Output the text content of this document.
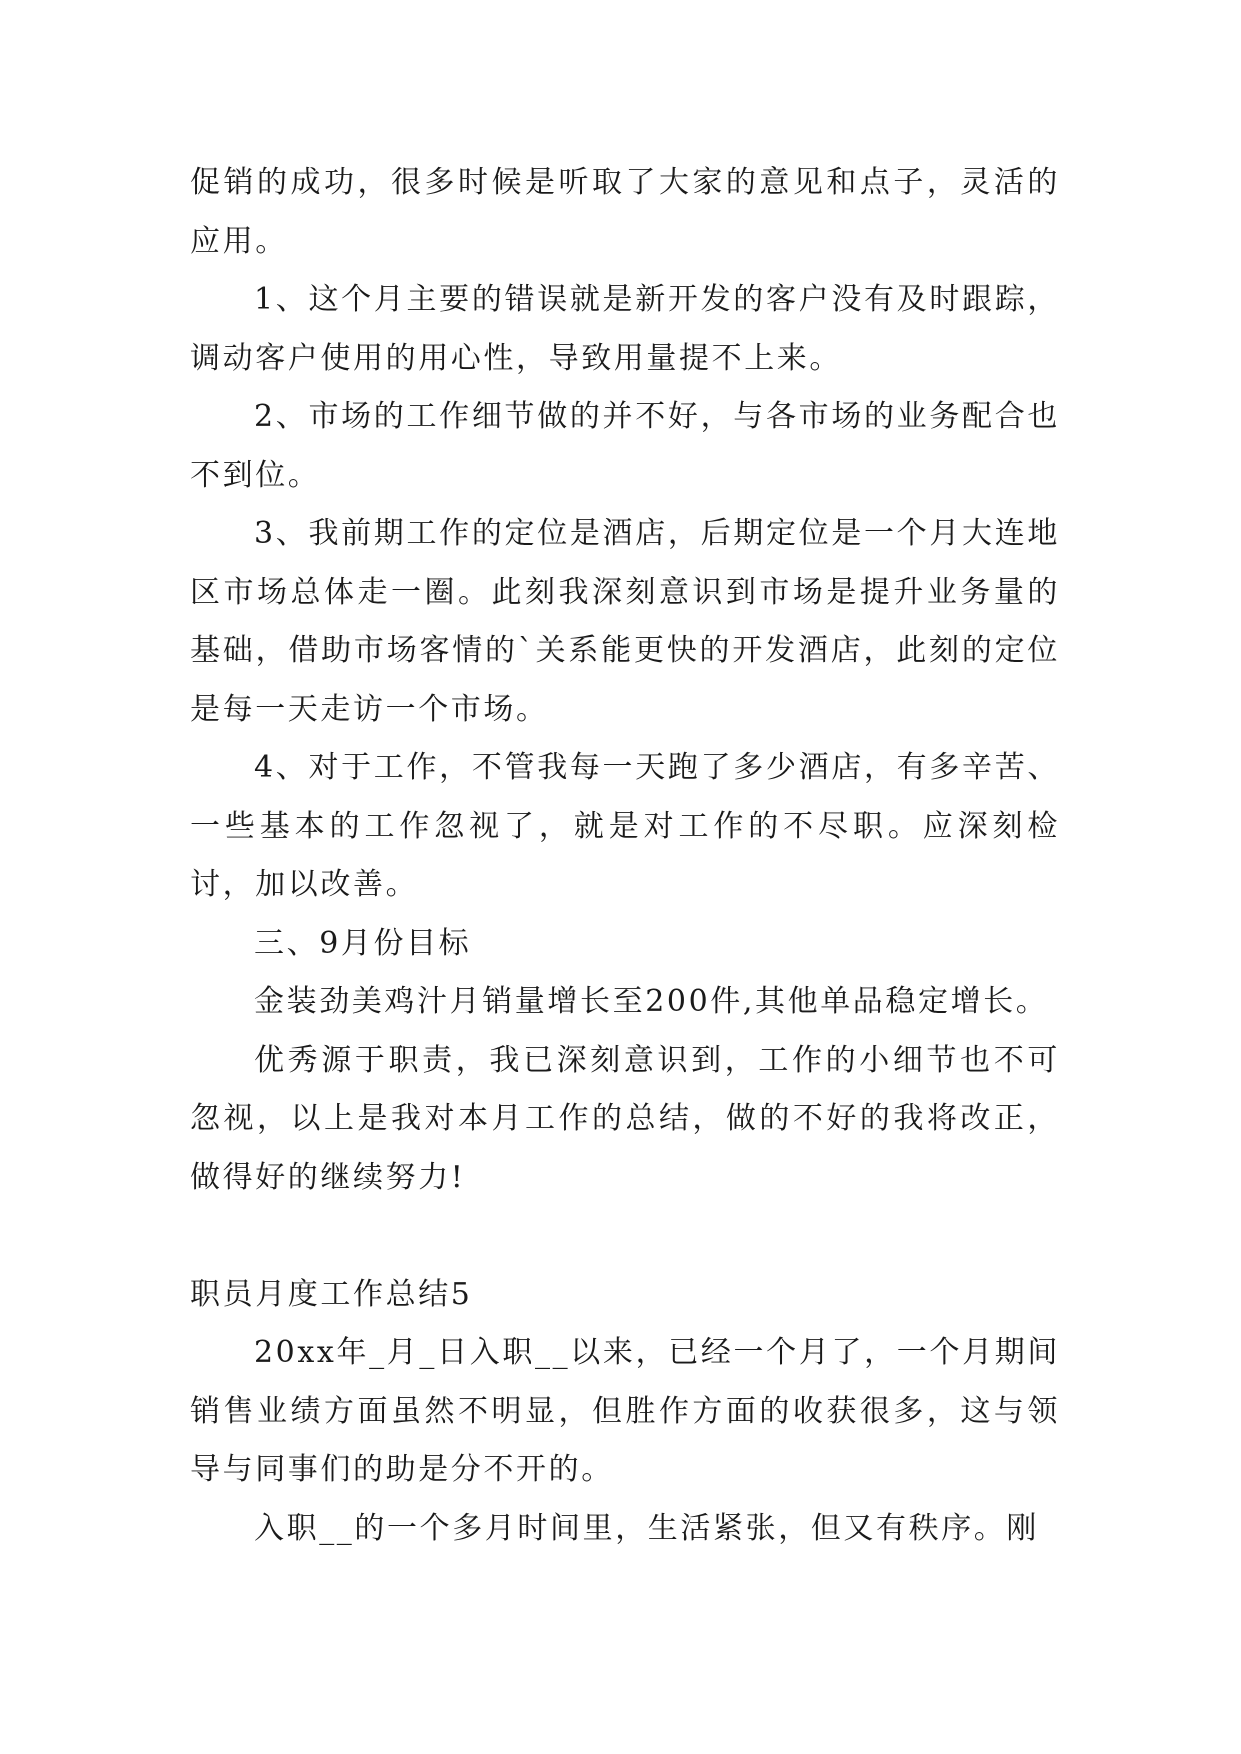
促销的成功，很多时候是听取了大家的意见和点子，灵活的应用。

1、这个月主要的错误就是新开发的客户没有及时跟踪，调动客户使用的用心性，导致用量提不上来。

2、市场的工作细节做的并不好，与各市场的业务配合也不到位。

3、我前期工作的定位是酒店，后期定位是一个月大连地区市场总体走一圈。此刻我深刻意识到市场是提升业务量的基础，借助市场客情的`关系能更快的开发酒店，此刻的定位是每一天走访一个市场。

4、对于工作，不管我每一天跑了多少酒店，有多辛苦、一些基本的工作忽视了，就是对工作的不尽职。应深刻检讨，加以改善。

三、9月份目标

金装劲美鸡汁月销量增长至200件,其他单品稳定增长。

优秀源于职责，我已深刻意识到，工作的小细节也不可忽视，以上是我对本月工作的总结，做的不好的我将改正，做得好的继续努力!

职员月度工作总结5

20xx年_月_日入职__以来，已经一个月了，一个月期间销售业绩方面虽然不明显，但胜作方面的收获很多，这与领导与同事们的助是分不开的。

入职__的一个多月时间里，生活紧张，但又有秩序。刚
